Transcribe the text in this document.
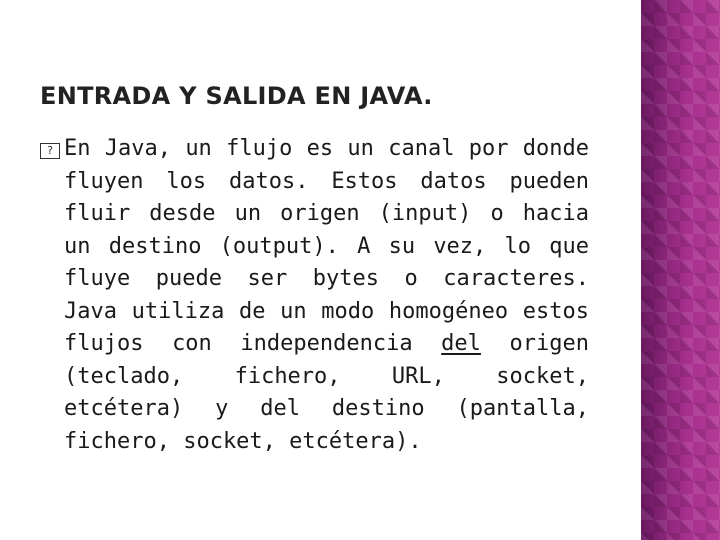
ENTRADA Y SALIDA EN JAVA.
?

En Java, un flujo es un canal por donde fluyen los datos. Estos datos pueden fluir desde un origen (input) o hacia un destino (output). A su vez, lo que fluye puede ser bytes o caracteres. Java utiliza de un modo homogéneo estos flujos con independencia del origen (teclado, fichero, URL, socket, etcétera) y del destino (pantalla, fichero, socket, etcétera).
